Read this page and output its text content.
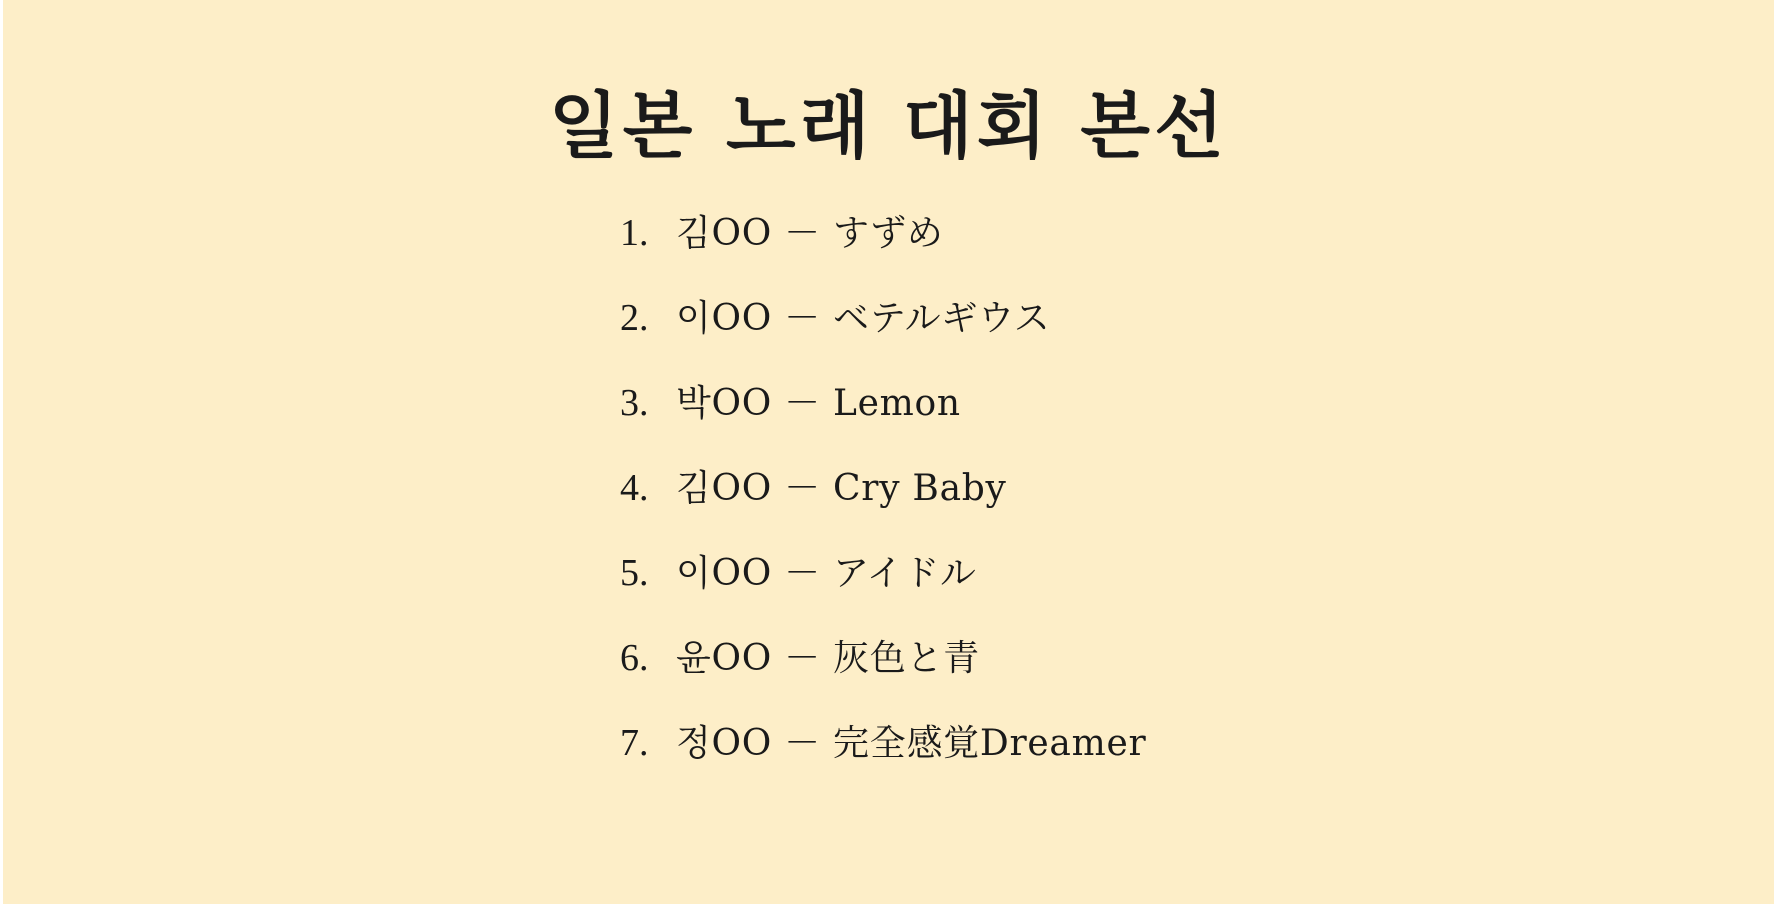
일본 노래 대회 본선
1. 김OO － すずめ
2. 이OO － ベテルギウス
3. 박OO － Lemon
4. 김OO － Cry Baby
5. 이OO － アイドル
6. 윤OO － 灰色と青
7. 정OO － 完全感覚Dreamer
